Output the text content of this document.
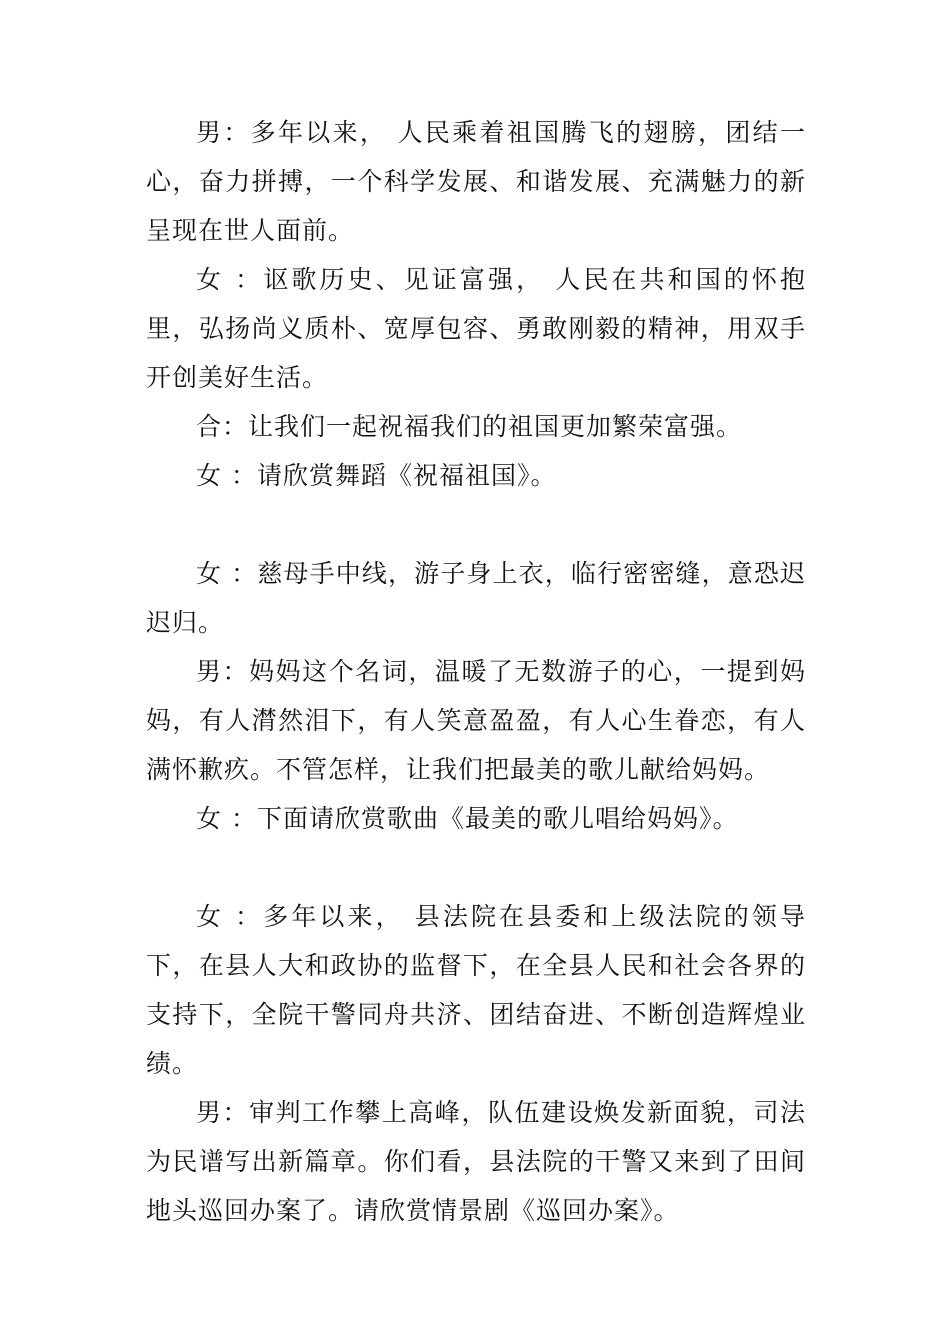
男：多年以来， 人民乘着祖国腾飞的翅膀，团结一心，奋力拼搏，一个科学发展、和谐发展、充满魅力的新 呈现在世人面前。

女 ：讴歌历史、见证富强， 人民在共和国的怀抱里，弘扬尚义质朴、宽厚包容、勇敢刚毅的精神，用双手开创美好生活。

合：让我们一起祝福我们的祖国更加繁荣富强。

女 ：请欣赏舞蹈《祝福祖国》。

女 ：慈母手中线，游子身上衣，临行密密缝，意恐迟迟归。

男：妈妈这个名词，温暖了无数游子的心，一提到妈妈，有人潸然泪下，有人笑意盈盈，有人心生眷恋，有人满怀歉疚。不管怎样，让我们把最美的歌儿献给妈妈。

女 ：下面请欣赏歌曲《最美的歌儿唱给妈妈》。

女 ：多年以来， 县法院在县委和上级法院的领导下，在县人大和政协的监督下，在全县人民和社会各界的支持下，全院干警同舟共济、团结奋进、不断创造辉煌业绩。

男：审判工作攀上高峰，队伍建设焕发新面貌，司法为民谱写出新篇章。你们看，县法院的干警又来到了田间地头巡回办案了。请欣赏情景剧《巡回办案》。
